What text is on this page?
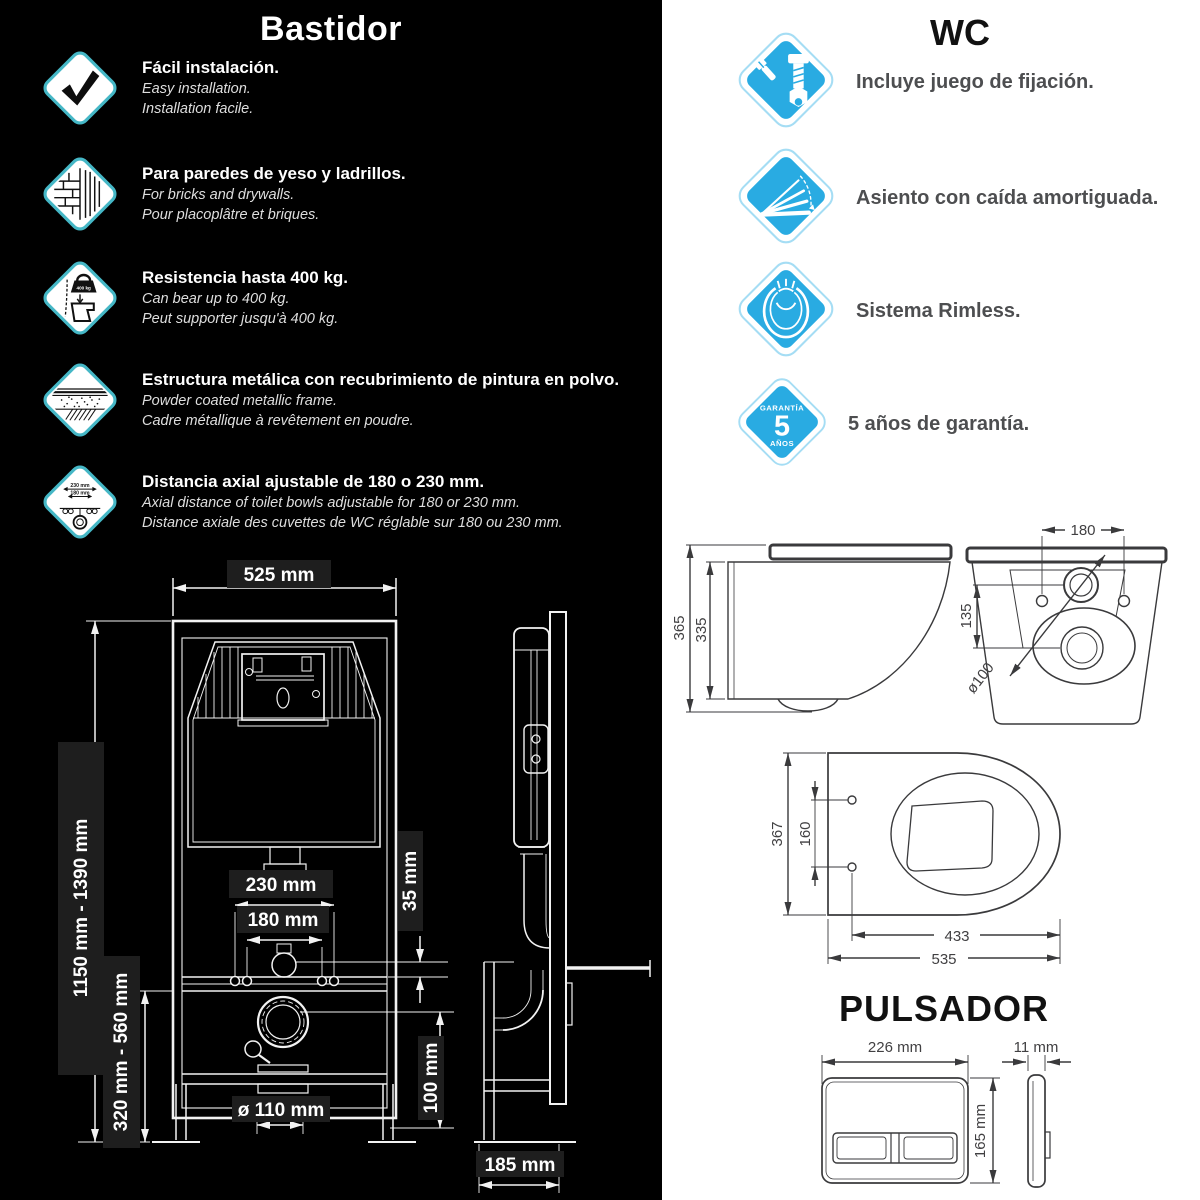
Bastidor
Fácil instalación.
Easy installation.
Installation facile.
Para paredes de yeso y ladrillos.
For bricks and drywalls.
Pour placoplâtre et briques.
400 kg
Resistencia hasta 400 kg.
Can bear up to 400 kg.
Peut supporter jusqu'à 400 kg.
Estructura metálica con recubrimiento de pintura en polvo.
Powder coated metallic frame.
Cadre métallique à revêtement en poudre.
230 mm
180 mm
Distancia axial ajustable de 180 o 230 mm.
Axial distance of toilet bowls adjustable for 180 or 230 mm.
Distance axiale des cuvettes de WC réglable sur 180 ou 230 mm.
525 mm
1150 mm - 1390 mm
320 mm - 560 mm
230 mm
180 mm
35 mm
100 mm
ø 110 mm
185 mm
WC
Incluye juego de fijación.
Asiento con caída amortiguada.
Sistema Rimless.
GARANTÍA
5
AÑOS
5 años de garantía.
365 335
180
135
ø100
367 160
433
535
PULSADOR
226 mm
165 mm
11 mm
